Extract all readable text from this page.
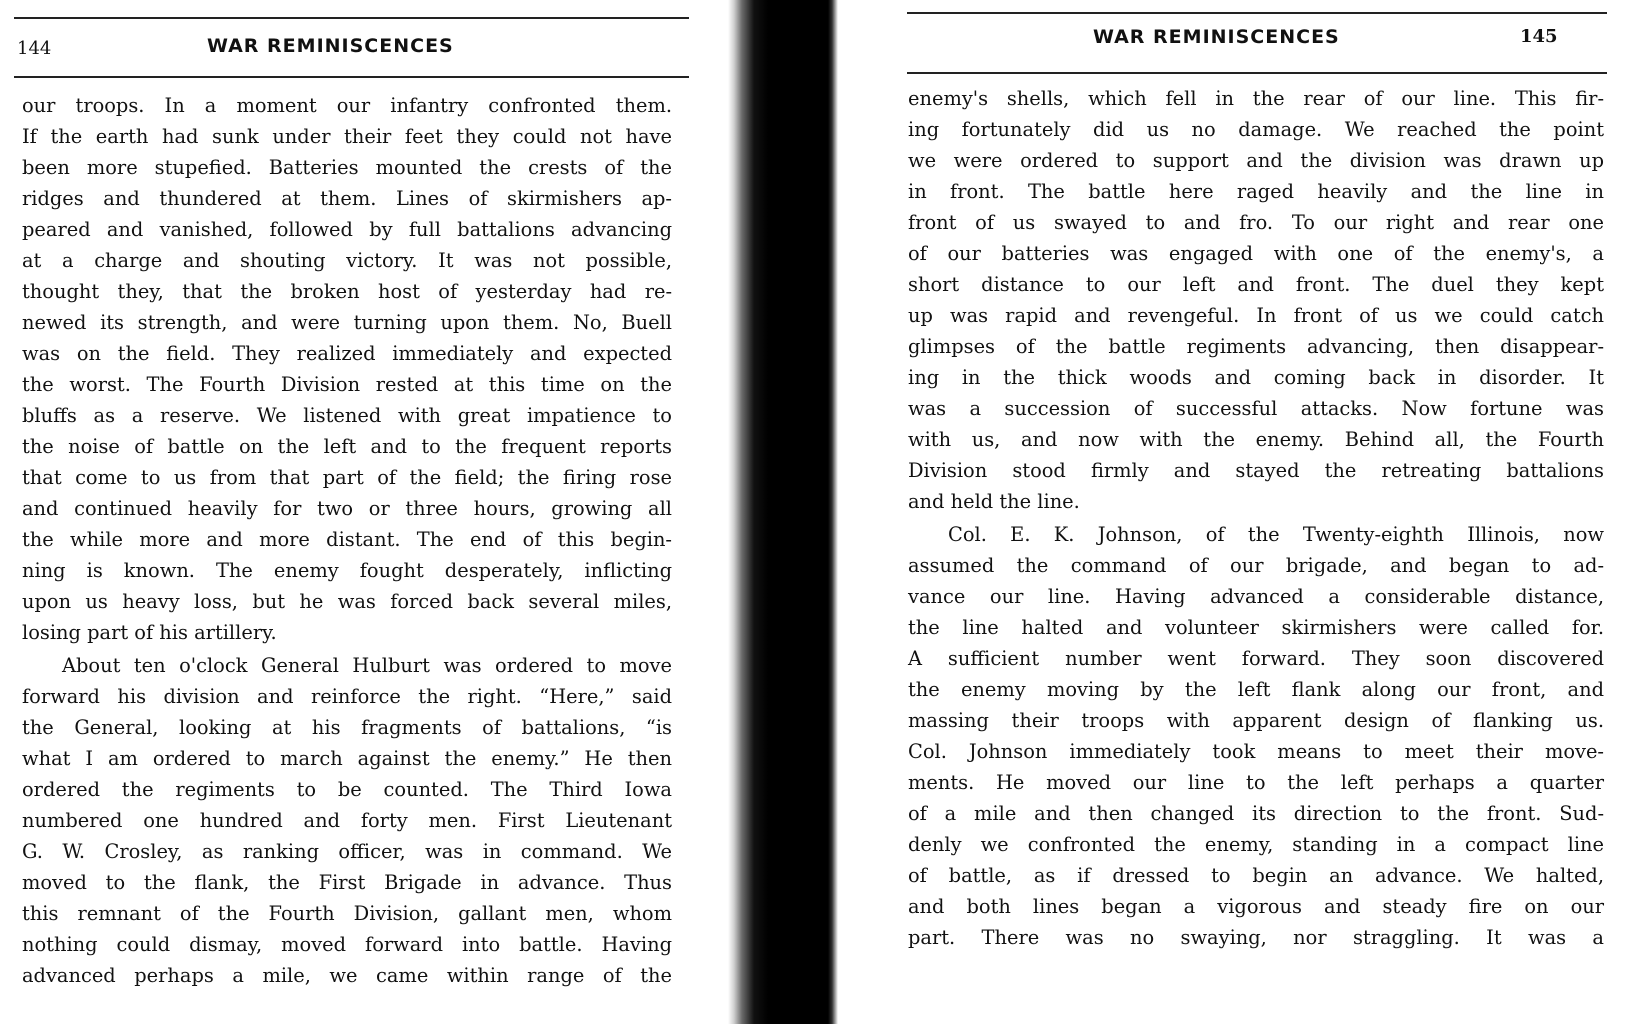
144	WAR REMINISCENCES
our troops. In a moment our infantry confronted them.
If the earth had sunk under their feet they could not have
been more stupefied. Batteries mounted the crests of the
ridges and thundered at them. Lines of skirmishers ap-
peared and vanished, followed by full battalions advancing
at a charge and shouting victory. It was not possible,
thought they, that the broken host of yesterday had re-
newed its strength, and were turning upon them. No, Buell
was on the field. They realized immediately and expected
the worst. The Fourth Division rested at this time on the
bluffs as a reserve. We listened with great impatience to
the noise of battle on the left and to the frequent reports
that come to us from that part of the field; the firing rose
and continued heavily for two or three hours, growing all
the while more and more distant. The end of this begin-
ning is known. The enemy fought desperately, inflicting
upon us heavy loss, but he was forced back several miles,
losing part of his artillery.
About ten o'clock General Hulburt was ordered to move
forward his division and reinforce the right. “Here,” said
the General, looking at his fragments of battalions, “is
what I am ordered to march against the enemy.” He then
ordered the regiments to be counted. The Third Iowa
numbered one hundred and forty men. First Lieutenant
G. W. Crosley, as ranking officer, was in command. We
moved to the flank, the First Brigade in advance. Thus
this remnant of the Fourth Division, gallant men, whom
nothing could dismay, moved forward into battle. Having
advanced perhaps a mile, we came within range of the
WAR REMINISCENCES	145
enemy's shells, which fell in the rear of our line. This fir-
ing fortunately did us no damage. We reached the point
we were ordered to support and the division was drawn up
in front. The battle here raged heavily and the line in
front of us swayed to and fro. To our right and rear one
of our batteries was engaged with one of the enemy's, a
short distance to our left and front. The duel they kept
up was rapid and revengeful. In front of us we could catch
glimpses of the battle regiments advancing, then disappear-
ing in the thick woods and coming back in disorder. It
was a succession of successful attacks. Now fortune was
with us, and now with the enemy. Behind all, the Fourth
Division stood firmly and stayed the retreating battalions
and held the line.
Col. E. K. Johnson, of the Twenty-eighth Illinois, now
assumed the command of our brigade, and began to ad-
vance our line. Having advanced a considerable distance,
the line halted and volunteer skirmishers were called for.
A sufficient number went forward. They soon discovered
the enemy moving by the left flank along our front, and
massing their troops with apparent design of flanking us.
Col. Johnson immediately took means to meet their move-
ments. He moved our line to the left perhaps a quarter
of a mile and then changed its direction to the front. Sud-
denly we confronted the enemy, standing in a compact line
of battle, as if dressed to begin an advance. We halted,
and both lines began a vigorous and steady fire on our
part. There was no swaying, nor straggling. It was a
